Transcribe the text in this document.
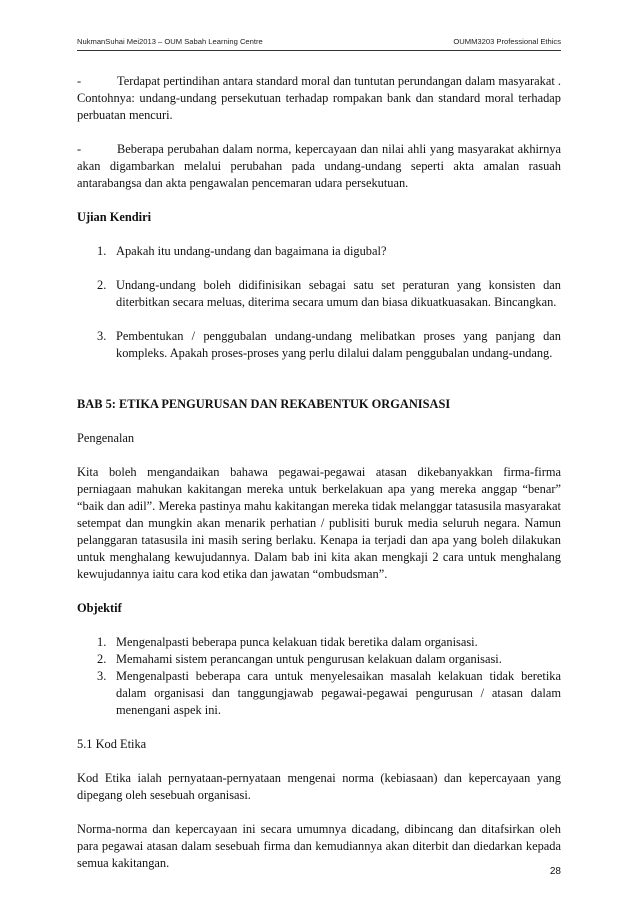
NukmanSuhai Mei2013 – OUM Sabah Learning Centre	OUMM3203 Professional Ethics

-	Terdapat pertindihan antara standard moral dan tuntutan perundangan dalam masyarakat . Contohnya: undang-undang persekutuan terhadap rompakan bank dan standard moral terhadap perbuatan mencuri.

-	Beberapa perubahan dalam norma, kepercayaan dan nilai ahli yang masyarakat akhirnya akan digambarkan melalui perubahan pada undang-undang seperti akta amalan rasuah antarabangsa dan akta pengawalan pencemaran udara persekutuan.

Ujian Kendiri
1. Apakah itu undang-undang dan bagaimana ia digubal?
2. Undang-undang boleh didifinisikan sebagai satu set peraturan yang konsisten dan diterbitkan secara meluas, diterima secara umum dan biasa dikuatkuasakan. Bincangkan.
3. Pembentukan / penggubalan undang-undang melibatkan proses yang panjang dan kompleks. Apakah proses-proses yang perlu dilalui dalam penggubalan undang-undang.
BAB 5: ETIKA PENGURUSAN DAN REKABENTUK ORGANISASI

Pengenalan

Kita boleh mengandaikan bahawa pegawai-pegawai atasan dikebanyakkan firma-firma perniagaan mahukan kakitangan mereka untuk berkelakuan apa yang mereka anggap “benar” “baik dan adil”. Mereka pastinya mahu kakitangan mereka tidak melanggar tatasusila masyarakat setempat dan mungkin akan menarik perhatian / publisiti buruk media seluruh negara. Namun pelanggaran tatasusila ini masih sering berlaku. Kenapa ia terjadi dan apa yang boleh dilakukan untuk menghalang kewujudannya. Dalam bab ini kita akan mengkaji 2 cara untuk menghalang kewujudannya iaitu cara kod etika dan jawatan “ombudsman”.

Objektif
1. Mengenalpasti beberapa punca kelakuan tidak beretika dalam organisasi.
2. Memahami sistem perancangan untuk pengurusan kelakuan dalam organisasi.
3. Mengenalpasti beberapa cara untuk menyelesaikan masalah kelakuan tidak beretika dalam organisasi dan tanggungjawab pegawai-pegawai pengurusan / atasan dalam menengani aspek ini.

5.1 Kod Etika

Kod Etika ialah pernyataan-pernyataan mengenai norma (kebiasaan) dan kepercayaan yang dipegang oleh sesebuah organisasi.

Norma-norma dan kepercayaan ini secara umumnya dicadang, dibincang dan ditafsirkan oleh para pegawai atasan dalam sesebuah firma dan kemudiannya akan diterbit dan diedarkan kepada semua kakitangan.

28
